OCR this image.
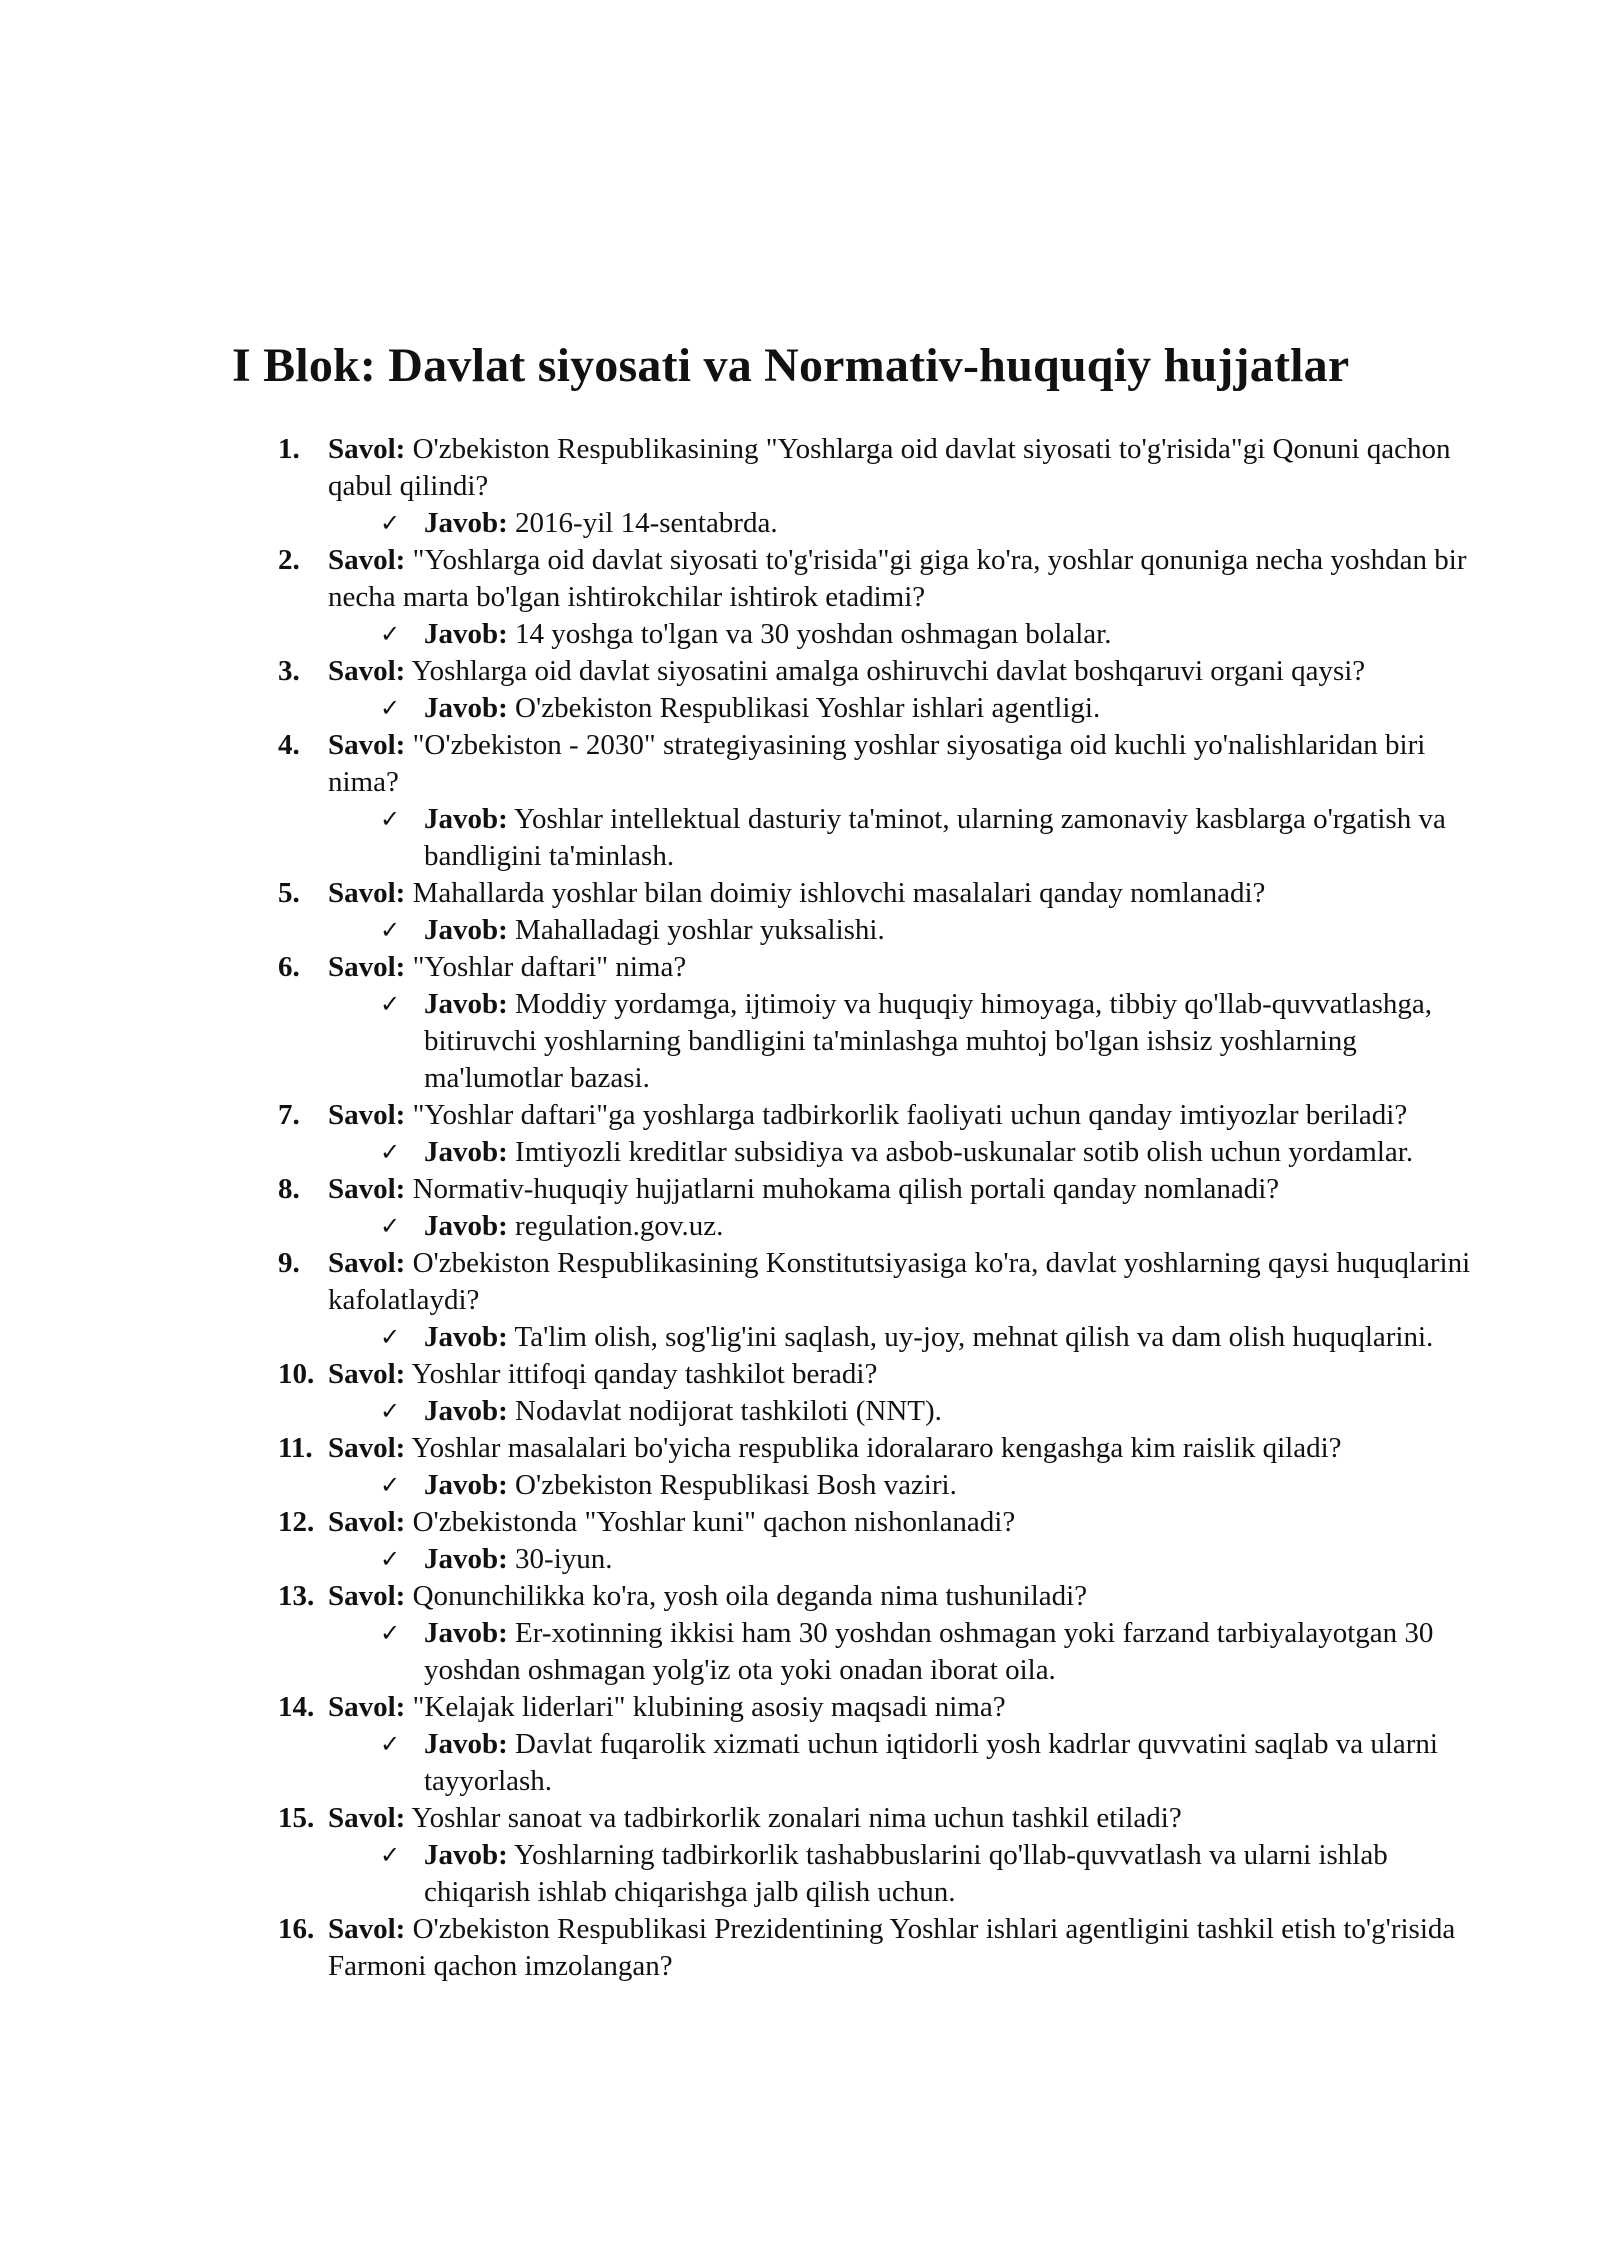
I Blok: Davlat siyosati va Normativ-huquqiy hujjatlar
1. Savol: O'zbekiston Respublikasining "Yoshlarga oid davlat siyosati to'g'risida"gi Qonuni qachon qabul qilindi?
✓ Javob: 2016-yil 14-sentabrda.
2. Savol: "Yoshlarga oid davlat siyosati to'g'risida"gi giga ko'ra, yoshlar qonuniga necha yoshdan bir necha marta bo'lgan ishtirokchilar ishtirok etadimi?
✓ Javob: 14 yoshga to'lgan va 30 yoshdan oshmagan bolalar.
3. Savol: Yoshlarga oid davlat siyosatini amalga oshiruvchi davlat boshqaruvi organi qaysi?
✓ Javob: O'zbekiston Respublikasi Yoshlar ishlari agentligi.
4. Savol: "O'zbekiston - 2030" strategiyasining yoshlar siyosatiga oid kuchli yo'nalishlaridan biri nima?
✓ Javob: Yoshlar intellektual dasturiy ta'minot, ularning zamonaviy kasblarga o'rgatish va bandligini ta'minlash.
5. Savol: Mahallarda yoshlar bilan doimiy ishlovchi masalalari qanday nomlanadi?
✓ Javob: Mahalladagi yoshlar yuksalishi.
6. Savol: "Yoshlar daftari" nima?
✓ Javob: Moddiy yordamga, ijtimoiy va huquqiy himoyaga, tibbiy qo'llab-quvvatlashga, bitiruvchi yoshlarning bandligini ta'minlashga muhtoj bo'lgan ishsiz yoshlarning ma'lumotlar bazasi.
7. Savol: "Yoshlar daftari"ga yoshlarga tadbirkorlik faoliyati uchun qanday imtiyozlar beriladi?
✓ Javob: Imtiyozli kreditlar subsidiya va asbob-uskunalar sotib olish uchun yordamlar.
8. Savol: Normativ-huquqiy hujjatlarni muhokama qilish portali qanday nomlanadi?
✓ Javob: regulation.gov.uz.
9. Savol: O'zbekiston Respublikasining Konstitutsiyasiga ko'ra, davlat yoshlarning qaysi huquqlarini kafolatlaydi?
✓ Javob: Ta'lim olish, sog'lig'ini saqlash, uy-joy, mehnat qilish va dam olish huquqlarini.
10. Savol: Yoshlar ittifoqi qanday tashkilot beradi?
✓ Javob: Nodavlat nodijorat tashkiloti (NNT).
11. Savol: Yoshlar masalalari bo'yicha respublika idoralararo kengashga kim raislik qiladi?
✓ Javob: O'zbekiston Respublikasi Bosh vaziri.
12. Savol: O'zbekistonda "Yoshlar kuni" qachon nishonlanadi?
✓ Javob: 30-iyun.
13. Savol: Qonunchilikka ko'ra, yosh oila deganda nima tushuniladi?
✓ Javob: Er-xotinning ikkisi ham 30 yoshdan oshmagan yoki farzand tarbiyalayotgan 30 yoshdan oshmagan yolg'iz ota yoki onadan iborat oila.
14. Savol: "Kelajak liderlari" klubining asosiy maqsadi nima?
✓ Javob: Davlat fuqarolik xizmati uchun iqtidorli yosh kadrlar quvvatini saqlab va ularni tayyorlash.
15. Savol: Yoshlar sanoat va tadbirkorlik zonalari nima uchun tashkil etiladi?
✓ Javob: Yoshlarning tadbirkorlik tashabbuslarini qo'llab-quvvatlash va ularni ishlab chiqarish ishlab chiqarishga jalb qilish uchun.
16. Savol: O'zbekiston Respublikasi Prezidentining Yoshlar ishlari agentligini tashkil etish to'g'risida Farmoni qachon imzolangan?
